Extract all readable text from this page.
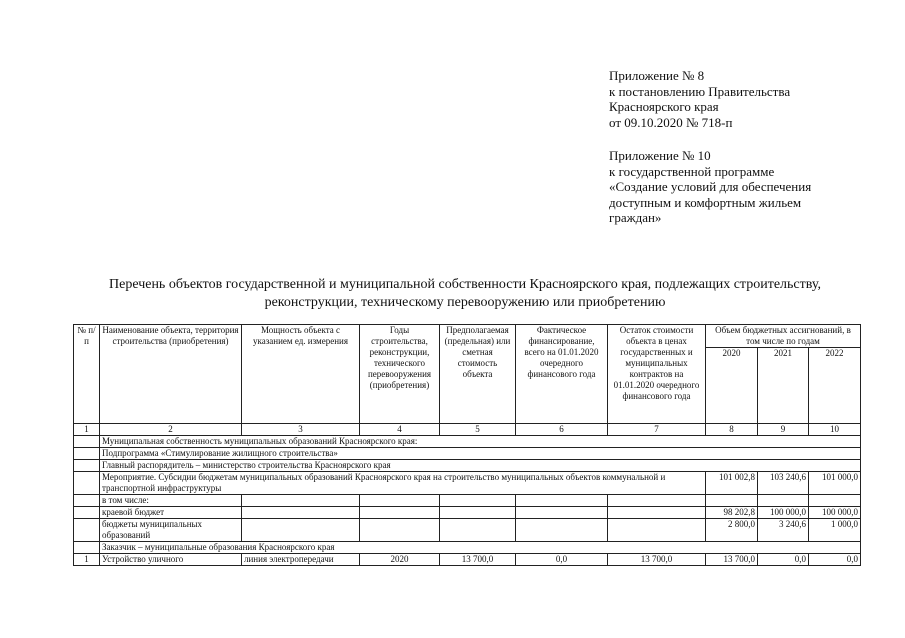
Приложение № 8
к постановлению Правительства
Красноярского края
от 09.10.2020 № 718-п
Приложение № 10
к государственной программе
«Создание условий для обеспечения
доступным и комфортным жильем
граждан»
Перечень объектов государственной и муниципальной собственности Красноярского края, подлежащих строительству,
реконструкции, техническому перевооружению или приобретению
№ п/п	Наименование объекта, территория строительства (приобретения)	Мощность объекта с указанием ед. измерения	Годы строительства, реконструкции, технического перевооружения (приобретения)	Предполагаемая (предельная) или сметная стоимость объекта	Фактическое финансирование, всего на 01.01.2020 очередного финансового года	Остаток стоимости объекта в ценах государственных и муниципальных контрактов на 01.01.2020 очередного финансового года	Объем бюджетных ассигнований, в том числе по годам		
							2020	2021	2022
1	2	3	4	5	6	7	8	9	10
	Муниципальная собственность муниципальных образований Красноярского края:								
	Подпрограмма «Стимулирование жилищного строительства»								
	Главный распорядитель – министерство строительства Красноярского края								
	Мероприятие. Субсидии бюджетам муниципальных образований Красноярского края на строительство муниципальных объектов коммунальной и транспортной инфраструктуры						101 002,8	103 240,6	101 000,0
	в том числе:								
	краевой бюджет						98 202,8	100 000,0	100 000,0
	бюджеты муниципальных образований						2 800,0	3 240,6	1 000,0
	Заказчик – муниципальные образования Красноярского края								
1	Устройство уличного	линия электропередачи	2020	13 700,0	0,0	13 700,0	13 700,0	0,0	0,0
